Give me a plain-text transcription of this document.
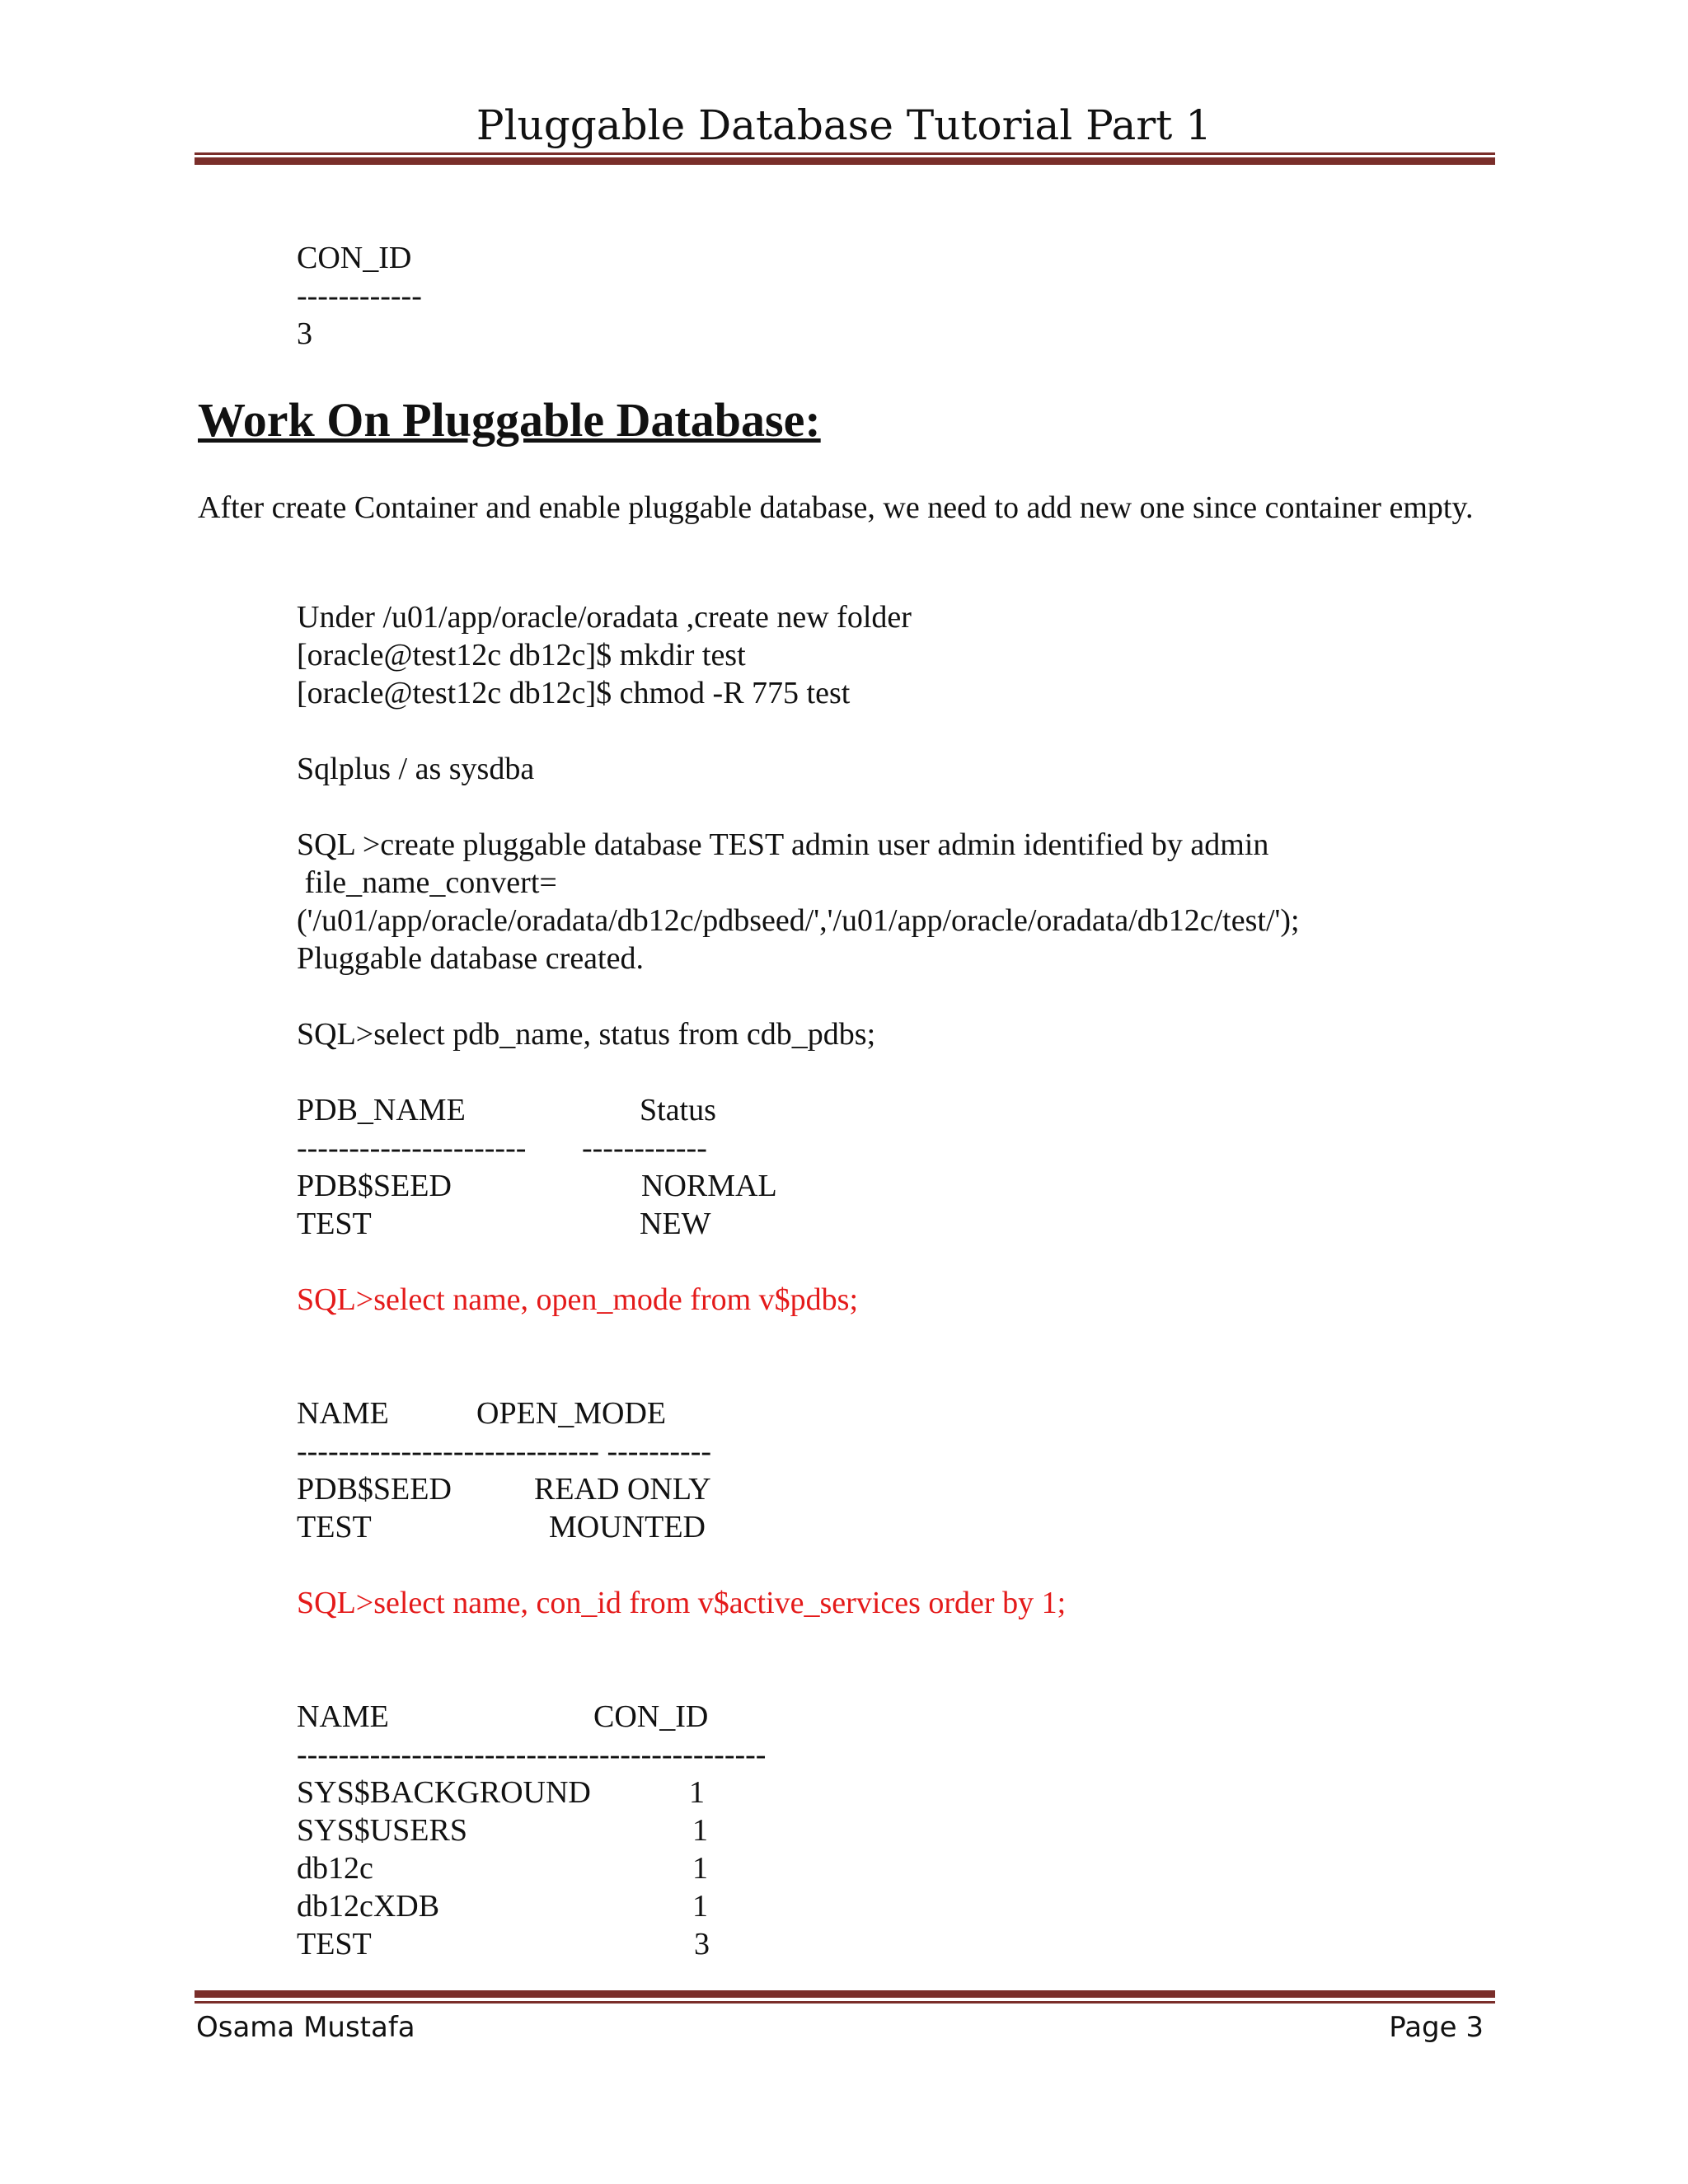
Pluggable Database Tutorial Part 1
CON_ID
------------
3
Work On Pluggable Database:
After create Container and enable pluggable database, we need to add new one since container empty.
Under /u01/app/oracle/oradata ,create new folder
[oracle@test12c db12c]$ mkdir test
[oracle@test12c db12c]$ chmod -R 775 test
Sqlplus / as sysdba
SQL >create pluggable database TEST admin user admin identified by admin
file_name_convert=
('/u01/app/oracle/oradata/db12c/pdbseed/','/u01/app/oracle/oradata/db12c/test/');
Pluggable database created.
SQL>select pdb_name, status from cdb_pdbs;
PDB_NAME	Status
---------------------- ------------
PDB$SEED	NORMAL
TEST	NEW
SQL>select name, open_mode from v$pdbs;
NAME	OPEN_MODE
----------------------------- ----------
PDB$SEED	READ ONLY
TEST	MOUNTED
SQL>select name, con_id from v$active_services order by 1;
NAME	CON_ID
---------------------------------------------
SYS$BACKGROUND	1
SYS$USERS	1
db12c	1
db12cXDB	1
TEST	3
Osama Mustafa	Page 3
